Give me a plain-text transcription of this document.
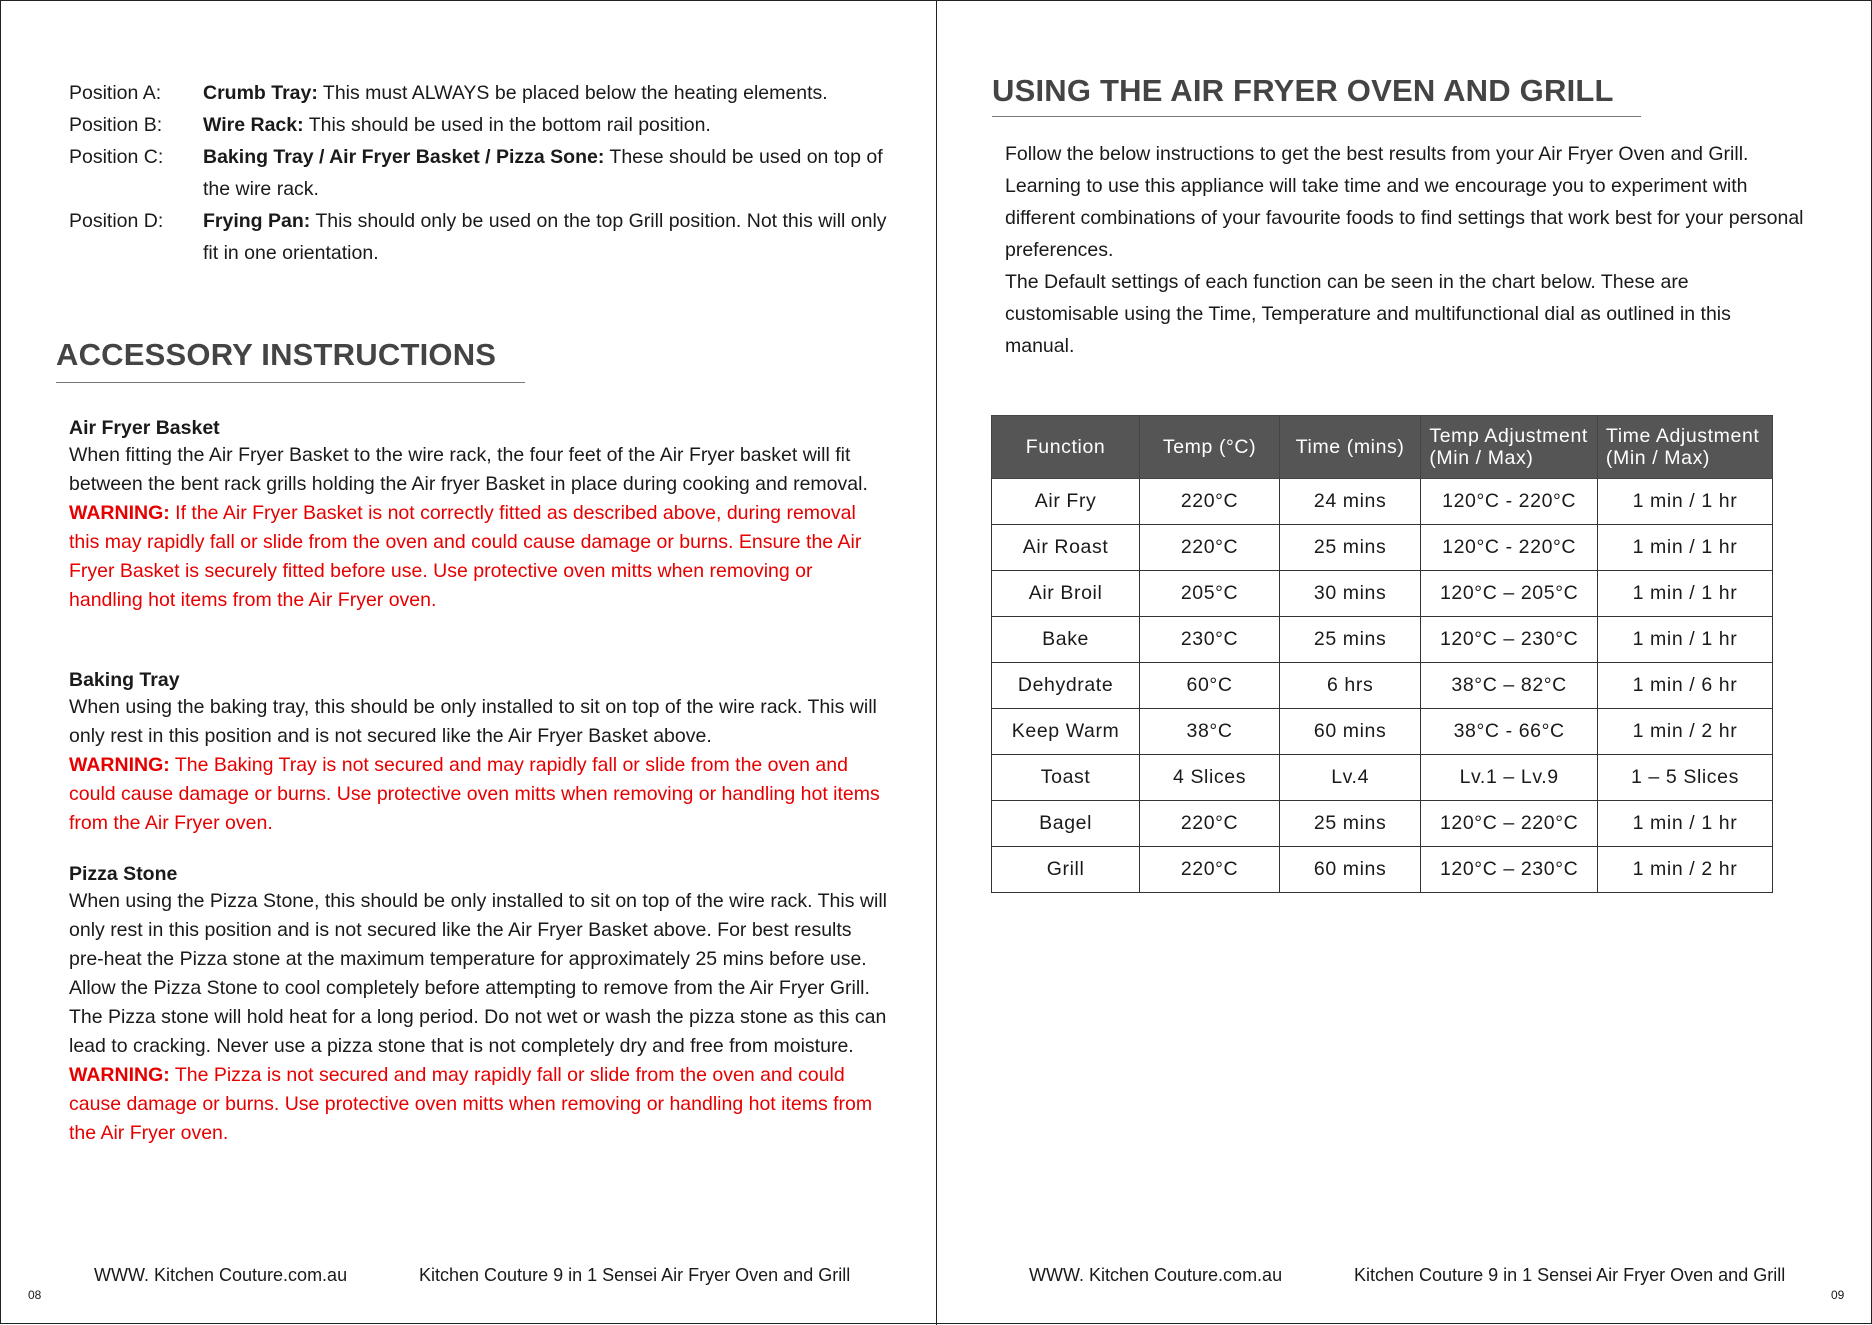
Position A:	Crumb Tray: This must ALWAYS be placed below the heating elements.
Position B:	Wire Rack: This should be used in the bottom rail position.
Position C:	Baking Tray / Air Fryer Basket / Pizza Sone: These should be used on top of the wire rack.
Position D:	Frying Pan: This should only be used on the top Grill position. Not this will only fit in one orientation.
ACCESSORY INSTRUCTIONS
Air Fryer Basket

When fitting the Air Fryer Basket to the wire rack, the four feet of the Air Fryer basket will fit between the bent rack grills holding the Air fryer Basket in place during cooking and removal.

WARNING: If the Air Fryer Basket is not correctly fitted as described above, during removal this may rapidly fall or slide from the oven and could cause damage or burns. Ensure the Air Fryer Basket is securely fitted before use. Use protective oven mitts when removing or handling hot items from the Air Fryer oven.

Baking Tray

When using the baking tray, this should be only installed to sit on top of the wire rack. This will only rest in this position and is not secured like the Air Fryer Basket above.

WARNING: The Baking Tray is not secured and may rapidly fall or slide from the oven and could cause damage or burns. Use protective oven mitts when removing or handling hot items from the Air Fryer oven.

Pizza Stone

When using the Pizza Stone, this should be only installed to sit on top of the wire rack. This will only rest in this position and is not secured like the Air Fryer Basket above. For best results pre-heat the Pizza stone at the maximum temperature for approximately 25 mins before use.

Allow the Pizza Stone to cool completely before attempting to remove from the Air Fryer Grill. The Pizza stone will hold heat for a long period. Do not wet or wash the pizza stone as this can lead to cracking. Never use a pizza stone that is not completely dry and free from moisture.

WARNING: The Pizza is not secured and may rapidly fall or slide from the oven and could cause damage or burns. Use protective oven mitts when removing or handling hot items from the Air Fryer oven.

WWW. Kitchen Couture.com.au	Kitchen Couture 9 in 1 Sensei Air Fryer Oven and Grill
08
USING THE AIR FRYER OVEN AND GRILL

Follow the below instructions to get the best results from your Air Fryer Oven and Grill. Learning to use this appliance will take time and we encourage you to experiment with different combinations of your favourite foods to find settings that work best for your personal preferences.

The Default settings of each function can be seen in the chart below. These are customisable using the Time, Temperature and multifunctional dial as outlined in this manual.

Function	Temp (°C)	Time (mins)	Temp Adjustment (Min / Max)	Time Adjustment (Min / Max)
Air Fry	220°C	24 mins	120°C - 220°C	1 min / 1 hr
Air Roast	220°C	25 mins	120°C - 220°C	1 min / 1 hr
Air Broil	205°C	30 mins	120°C – 205°C	1 min / 1 hr
Bake	230°C	25 mins	120°C – 230°C	1 min / 1 hr
Dehydrate	60°C	6 hrs	38°C – 82°C	1 min / 6 hr
Keep Warm	38°C	60 mins	38°C - 66°C	1 min / 2 hr
Toast	4 Slices	Lv.4	Lv.1 – Lv.9	1 – 5 Slices
Bagel	220°C	25 mins	120°C – 220°C	1 min / 1 hr
Grill	220°C	60 mins	120°C – 230°C	1 min / 2 hr
WWW. Kitchen Couture.com.au	Kitchen Couture 9 in 1 Sensei Air Fryer Oven and Grill
09
